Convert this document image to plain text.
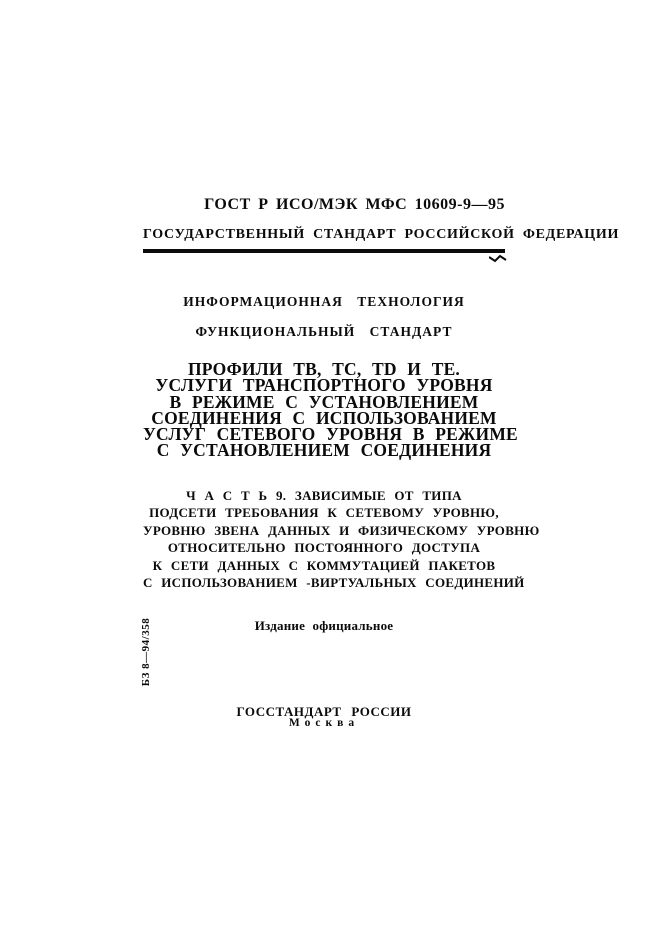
ГОСТ Р ИСО/МЭК МФС 10609-9—95
ГОСУДАРСТВЕННЫЙ СТАНДАРТ РОССИЙСКОЙ ФЕДЕРАЦИИ
ИНФОРМАЦИОННАЯ ТЕХНОЛОГИЯ
ФУНКЦИОНАЛЬНЫЙ СТАНДАРТ
ПРОФИЛИ ТВ, ТС, TD И ТЕ.
УСЛУГИ ТРАНСПОРТНОГО УРОВНЯ
В РЕЖИМЕ С УСТАНОВЛЕНИЕМ
СОЕДИНЕНИЯ С ИСПОЛЬЗОВАНИЕМ
УСЛУГ СЕТЕВОГО УРОВНЯ В РЕЖИМЕ
С УСТАНОВЛЕНИЕМ СОЕДИНЕНИЯ
Ч А С Т Ь 9. ЗАВИСИМЫЕ ОТ ТИПА
ПОДСЕТИ ТРЕБОВАНИЯ К СЕТЕВОМУ УРОВНЮ,
УРОВНЮ ЗВЕНА ДАННЫХ И ФИЗИЧЕСКОМУ УРОВНЮ
ОТНОСИТЕЛЬНО ПОСТОЯННОГО ДОСТУПА
К СЕТИ ДАННЫХ С КОММУТАЦИЕЙ ПАКЕТОВ
С ИСПОЛЬЗОВАНИЕМ -ВИРТУАЛЬНЫХ СОЕДИНЕНИЙ
Издание официальное
БЗ 8—94/358
ГОССТАНДАРТ РОССИИ
Москва
